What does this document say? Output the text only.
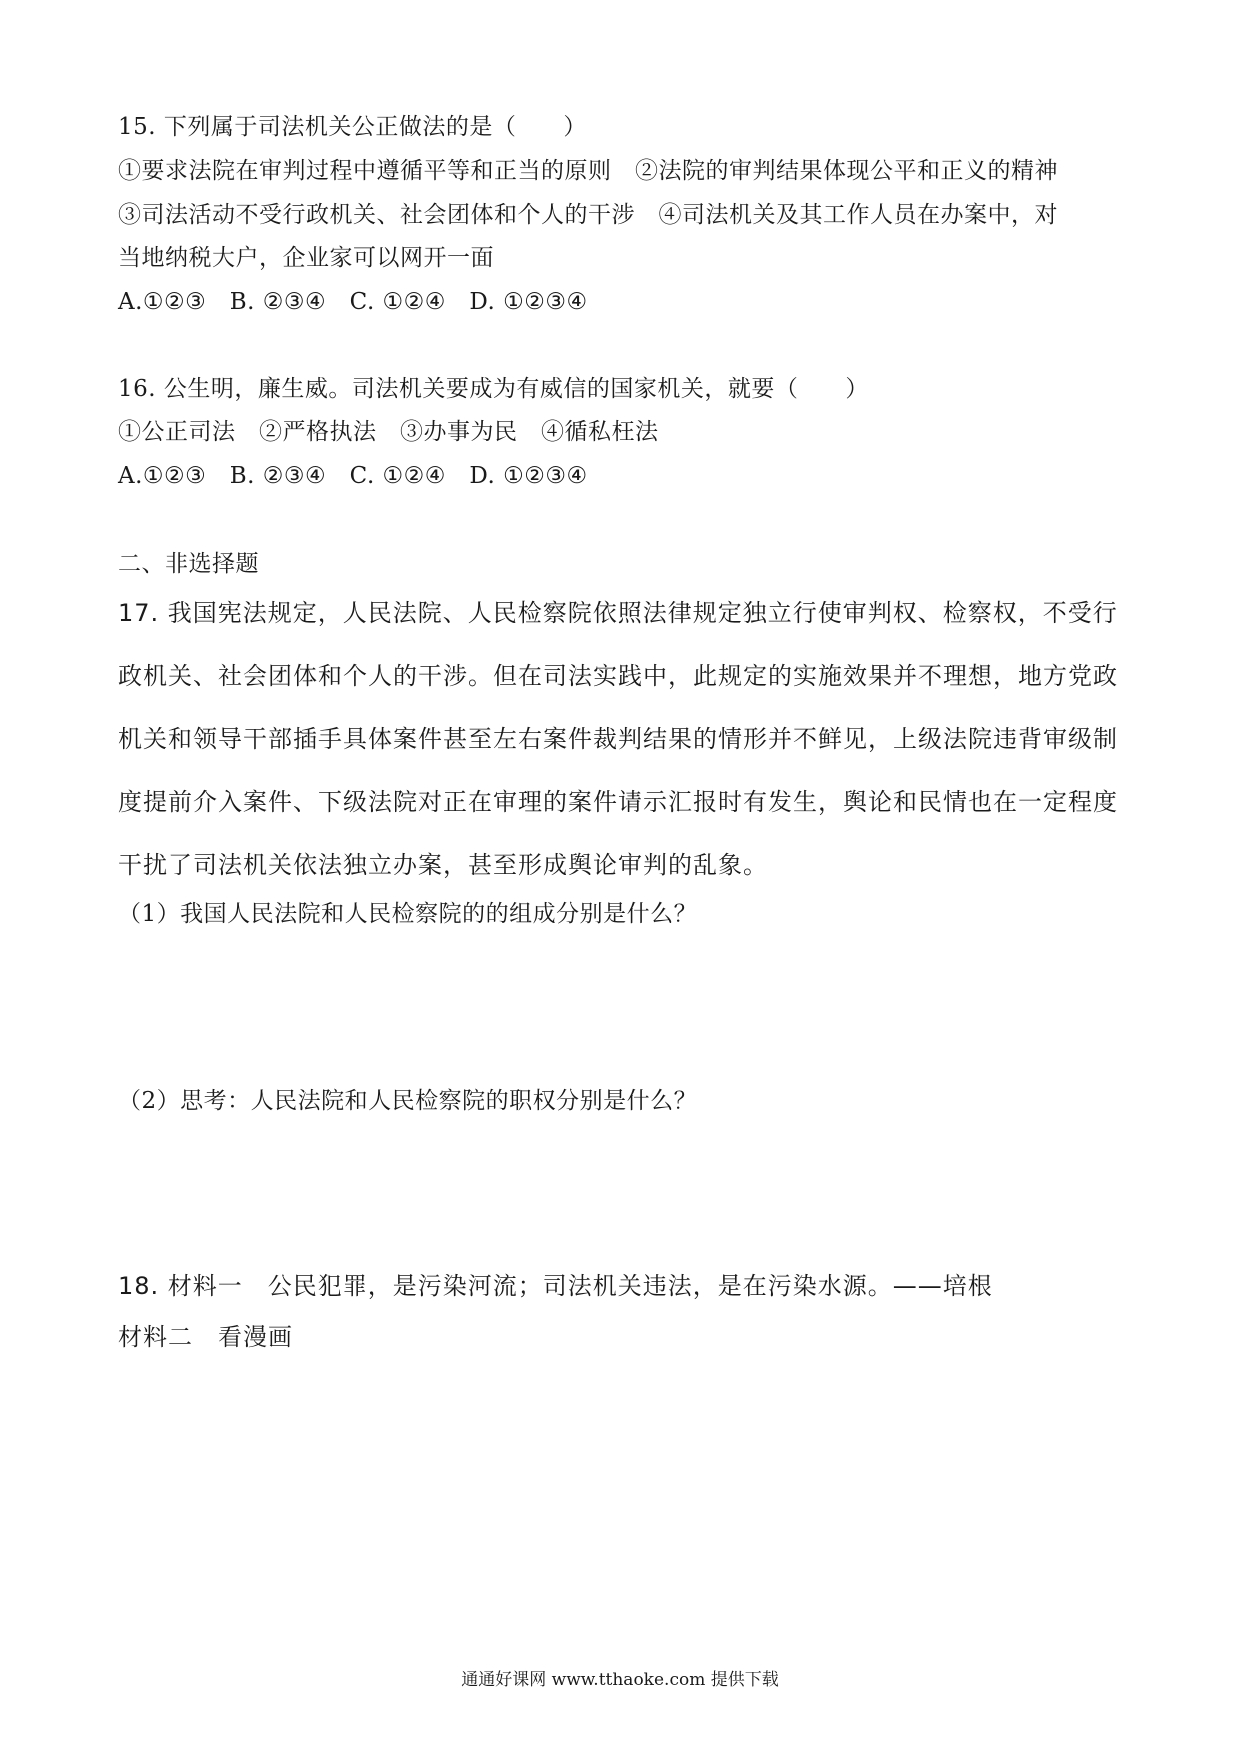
15. 下列属于司法机关公正做法的是（　　）
①要求法院在审判过程中遵循平等和正当的原则　②法院的审判结果体现公平和正义的精神
③司法活动不受行政机关、社会团体和个人的干涉　④司法机关及其工作人员在办案中，对
当地纳税大户，企业家可以网开一面
A.①②③　B. ②③④　C. ①②④　D. ①②③④
16. 公生明，廉生威。司法机关要成为有威信的国家机关，就要（　　）
①公正司法　②严格执法　③办事为民　④循私枉法
A.①②③　B. ②③④　C. ①②④　D. ①②③④
二、非选择题
17. 我国宪法规定，人民法院、人民检察院依照法律规定独立行使审判权、检察权，不受行
政机关、社会团体和个人的干涉。但在司法实践中，此规定的实施效果并不理想，地方党政
机关和领导干部插手具体案件甚至左右案件裁判结果的情形并不鲜见，上级法院违背审级制
度提前介入案件、下级法院对正在审理的案件请示汇报时有发生，舆论和民情也在一定程度
干扰了司法机关依法独立办案，甚至形成舆论审判的乱象。
（1）我国人民法院和人民检察院的的组成分别是什么？
（2）思考：人民法院和人民检察院的职权分别是什么？
18. 材料一　公民犯罪，是污染河流；司法机关违法，是在污染水源。——培根
材料二　看漫画
通通好课网 www.tthaoke.com 提供下载
